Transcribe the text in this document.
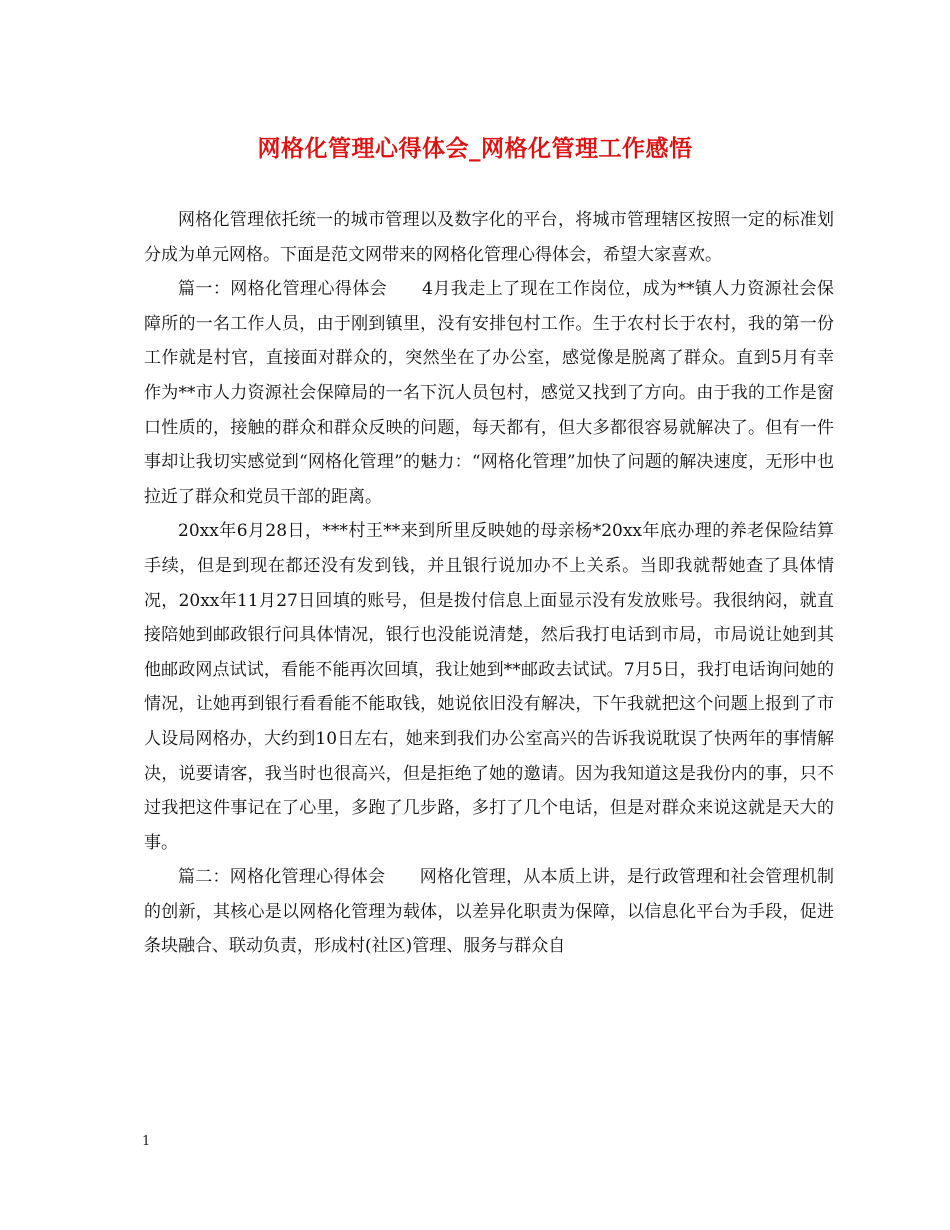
网格化管理心得体会_网格化管理工作感悟

网格化管理依托统一的城市管理以及数字化的平台，将城市管理辖区按照一定的标准划分成为单元网格。下面是范文网带来的网格化管理心得体会，希望大家喜欢。

篇一：网格化管理心得体会　　4月我走上了现在工作岗位，成为**镇人力资源社会保障所的一名工作人员，由于刚到镇里，没有安排包村工作。生于农村长于农村，我的第一份工作就是村官，直接面对群众的，突然坐在了办公室，感觉像是脱离了群众。直到5月有幸作为**市人力资源社会保障局的一名下沉人员包村，感觉又找到了方向。由于我的工作是窗口性质的，接触的群众和群众反映的问题，每天都有，但大多都很容易就解决了。但有一件事却让我切实感觉到“网格化管理”的魅力：“网格化管理”加快了问题的解决速度，无形中也拉近了群众和党员干部的距离。

20xx年6月28日，***村王**来到所里反映她的母亲杨*20xx年底办理的养老保险结算手续，但是到现在都还没有发到钱，并且银行说加办不上关系。当即我就帮她查了具体情况，20xx年11月27日回填的账号，但是拨付信息上面显示没有发放账号。我很纳闷，就直接陪她到邮政银行问具体情况，银行也没能说清楚，然后我打电话到市局，市局说让她到其他邮政网点试试，看能不能再次回填，我让她到**邮政去试试。7月5日，我打电话询问她的情况，让她再到银行看看能不能取钱，她说依旧没有解决，下午我就把这个问题上报到了市人设局网格办，大约到10日左右，她来到我们办公室高兴的告诉我说耽误了快两年的事情解决，说要请客，我当时也很高兴，但是拒绝了她的邀请。因为我知道这是我份内的事，只不过我把这件事记在了心里，多跑了几步路，多打了几个电话，但是对群众来说这就是天大的事。

篇二：网格化管理心得体会　　网格化管理，从本质上讲，是行政管理和社会管理机制的创新，其核心是以网格化管理为载体，以差异化职责为保障，以信息化平台为手段，促进条块融合、联动负责，形成村(社区)管理、服务与群众自

1
